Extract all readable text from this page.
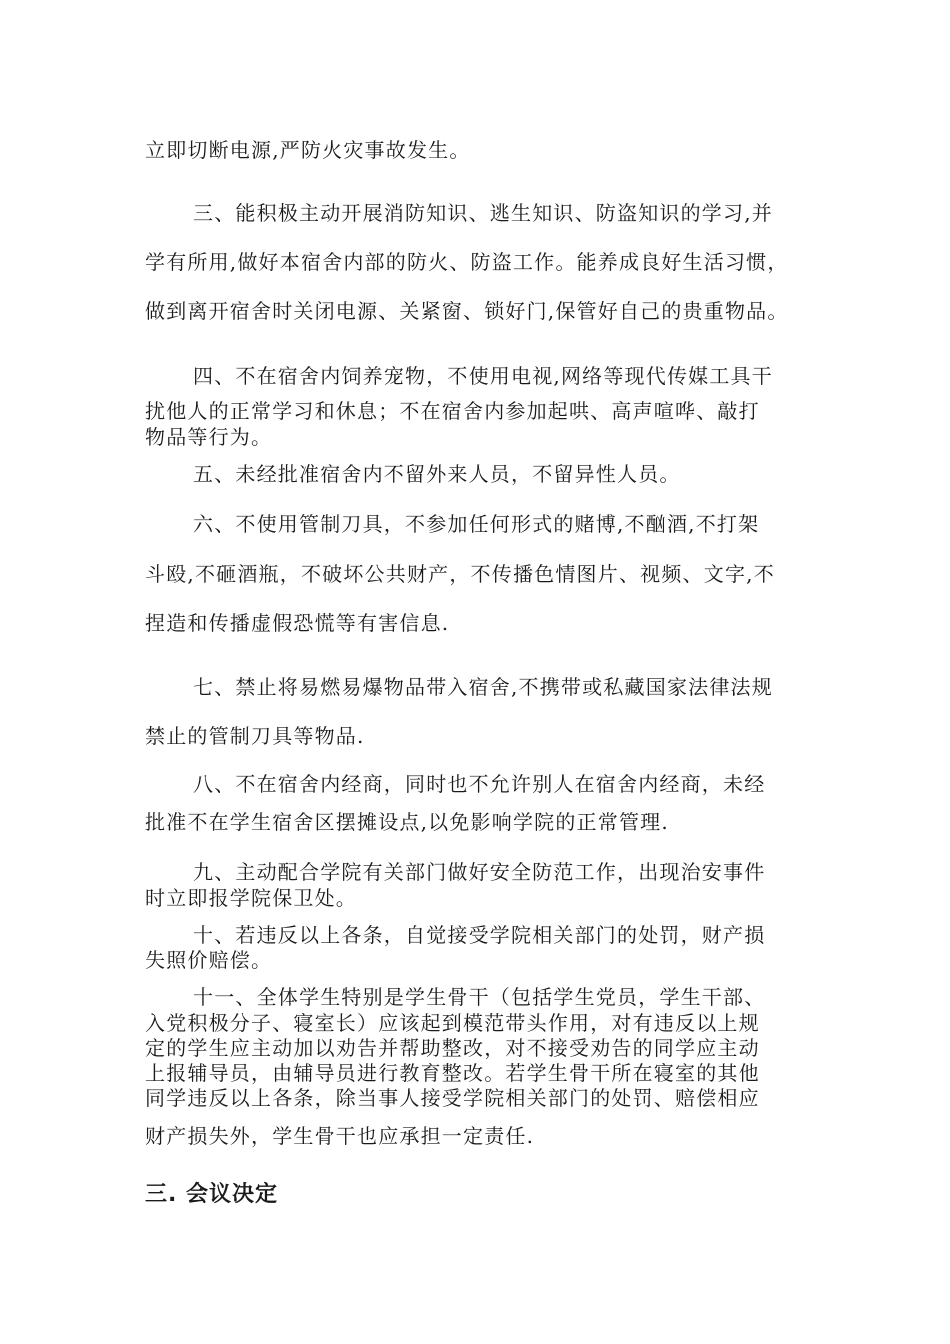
立即切断电源,严防火灾事故发生。
三、能积极主动开展消防知识、逃生知识、防盗知识的学习,并
学有所用,做好本宿舍内部的防火、防盗工作。能养成良好生活习惯，
做到离开宿舍时关闭电源、关紧窗、锁好门,保管好自己的贵重物品。
四、不在宿舍内饲养宠物，不使用电视,网络等现代传媒工具干
扰他人的正常学习和休息；不在宿舍内参加起哄、高声喧哗、敲打
物品等行为。
五、未经批准宿舍内不留外来人员，不留异性人员。
六、不使用管制刀具，不参加任何形式的赌博,不酗酒,不打架
斗殴,不砸酒瓶，不破坏公共财产，不传播色情图片、视频、文字,不
捏造和传播虚假恐慌等有害信息.
七、禁止将易燃易爆物品带入宿舍,不携带或私藏国家法律法规
禁止的管制刀具等物品.
八、不在宿舍内经商，同时也不允许别人在宿舍内经商，未经
批准不在学生宿舍区摆摊设点,以免影响学院的正常管理.
九、主动配合学院有关部门做好安全防范工作，出现治安事件
时立即报学院保卫处。
十、若违反以上各条，自觉接受学院相关部门的处罚，财产损
失照价赔偿。
十一、全体学生特别是学生骨干（包括学生党员，学生干部、
入党积极分子、寝室长）应该起到模范带头作用，对有违反以上规
定的学生应主动加以劝告并帮助整改，对不接受劝告的同学应主动
上报辅导员，由辅导员进行教育整改。若学生骨干所在寝室的其他
同学违反以上各条，除当事人接受学院相关部门的处罚、赔偿相应
财产损失外，学生骨干也应承担一定责任.
三. 会议决定
